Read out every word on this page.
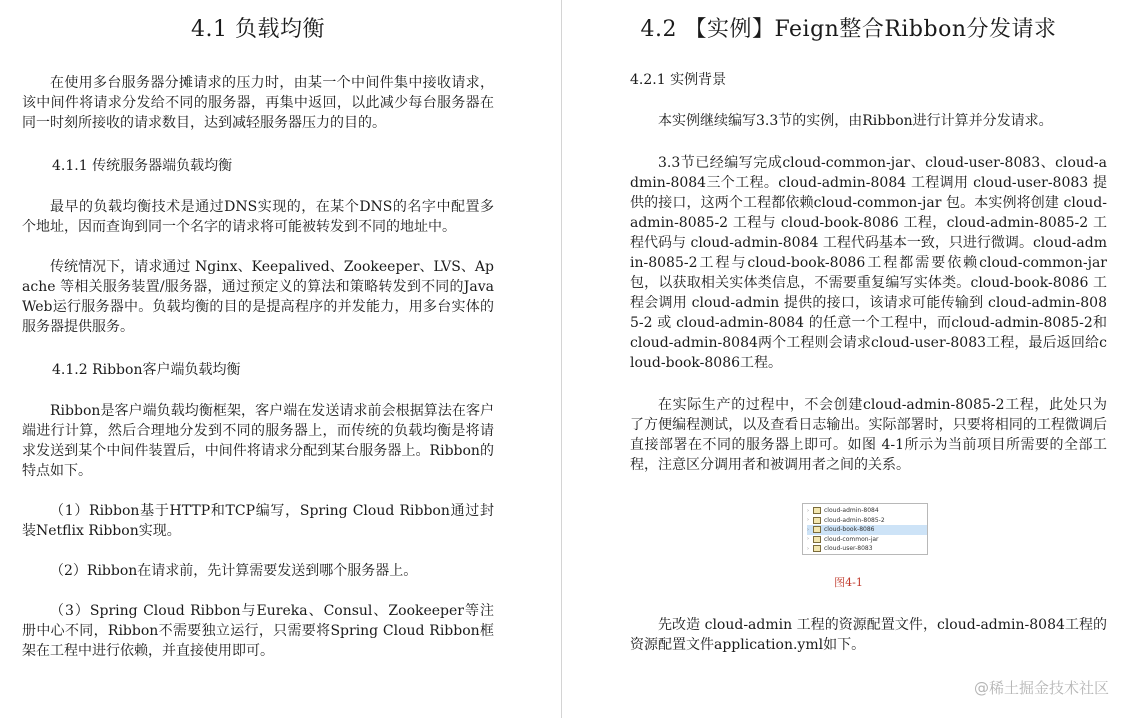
4.1 负载均衡

在使用多台服务器分摊请求的压力时，由某一个中间件集中接收请求，该中间件将请求分发给不同的服务器，再集中返回，以此减少每台服务器在同一时刻所接收的请求数目，达到减轻服务器压力的目的。

4.1.1 传统服务器端负载均衡

最早的负载均衡技术是通过DNS实现的，在某个DNS的名字中配置多个地址，因而查询到同一个名字的请求将可能被转发到不同的地址中。

传统情况下，请求通过 Nginx、Keepalived、Zookeeper、LVS、Apache 等相关服务装置/服务器，通过预定义的算法和策略转发到不同的Java Web运行服务器中。负载均衡的目的是提高程序的并发能力，用多台实体的服务器提供服务。

4.1.2 Ribbon客户端负载均衡

Ribbon是客户端负载均衡框架，客户端在发送请求前会根据算法在客户端进行计算，然后合理地分发到不同的服务器上，而传统的负载均衡是将请求发送到某个中间件装置后，中间件将请求分配到某台服务器上。Ribbon的特点如下。

（1）Ribbon基于HTTP和TCP编写，Spring Cloud Ribbon通过封装Netflix Ribbon实现。

（2）Ribbon在请求前，先计算需要发送到哪个服务器上。

（3）Spring Cloud Ribbon与Eureka、Consul、Zookeeper等注册中心不同，Ribbon不需要独立运行，只需要将Spring Cloud Ribbon框架在工程中进行依赖，并直接使用即可。

4.2 【实例】Feign整合Ribbon分发请求
4.2.1 实例背景

本实例继续编写3.3节的实例，由Ribbon进行计算并分发请求。

3.3节已经编写完成cloud-common-jar、cloud-user-8083、cloud-admin-8084三个工程。cloud-admin-8084 工程调用 cloud-user-8083 提供的接口，这两个工程都依赖cloud-common-jar 包。本实例将创建 cloud-admin-8085-2 工程与 cloud-book-8086 工程，cloud-admin-8085-2 工程代码与 cloud-admin-8084 工程代码基本一致，只进行微调。cloud-admin-8085-2工程与cloud-book-8086工程都需要依赖cloud-common-jar包，以获取相关实体类信息，不需要重复编写实体类。cloud-book-8086 工程会调用 cloud-admin 提供的接口，该请求可能传输到 cloud-admin-8085-2 或 cloud-admin-8084 的任意一个工程中，而cloud-admin-8085-2和 cloud-admin-8084两个工程则会请求cloud-user-8083工程，最后返回给cloud-book-8086工程。

在实际生产的过程中，不会创建cloud-admin-8085-2工程，此处只为了方便编程测试，以及查看日志输出。实际部署时，只要将相同的工程微调后直接部署在不同的服务器上即可。如图 4-1所示为当前项目所需要的全部工程，注意区分调用者和被调用者之间的关系。

›	cloud-admin-8084
›	cloud-admin-8085-2
›	cloud-book-8086
›	cloud-common-jar
›	cloud-user-8083

图4-1

先改造 cloud-admin 工程的资源配置文件，cloud-admin-8084工程的资源配置文件application.yml如下。

@稀土掘金技术社区
